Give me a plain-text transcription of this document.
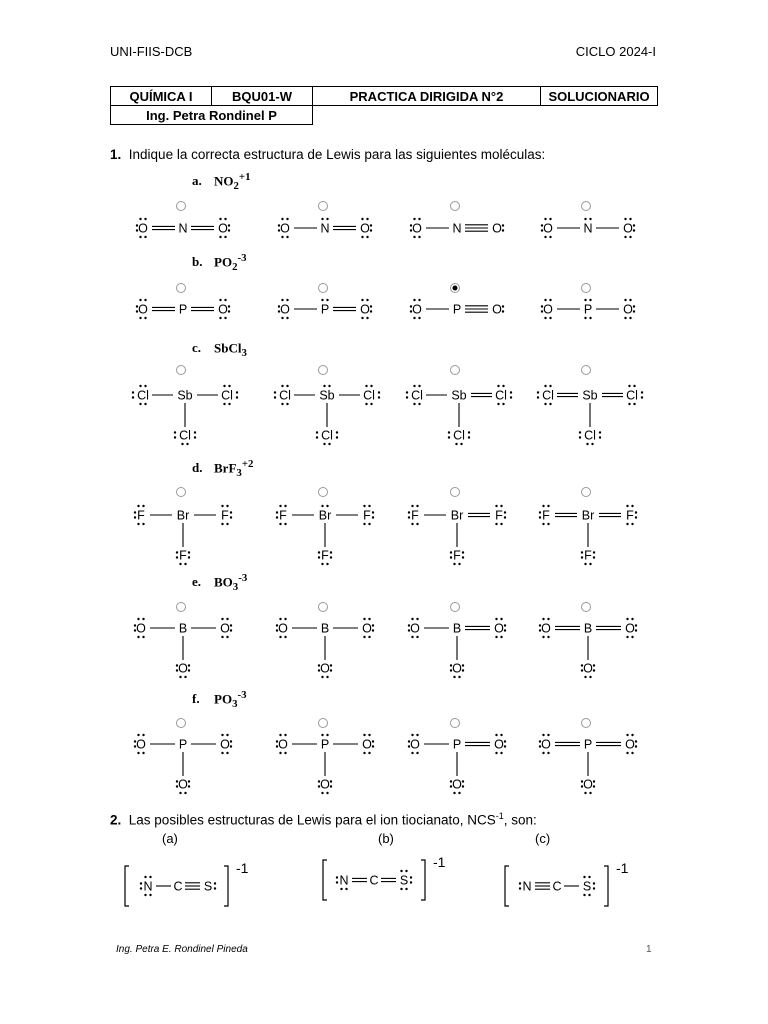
UNI-FIIS-DCB	CICLO 2024-I
QUÍMICA I	BQU01-W	PRACTICA DIRIGIDA N°2	SOLUCIONARIO
Ing. Petra Rondinel P			
1. Indique la correcta estructura de Lewis para las siguientes moléculas:
a. $NO_2^{+1}$
b. $PO_2^{-3}$
c. SbCl$_3$
d. BrF$_3^{+2}$
e. $BO_3^{-3}$
f. $PO_3^{-3}$
2. Las posibles estructuras de Lewis para el ion tiocianato, $NCS^{-1}$, son:
(a)	(b)	(c)
O N O	O N O	O N O	O N O
O P O	O P O	O P O	O P O
Cl Sb Cl
Cl
Cl Sb Cl
Cl
Cl Sb Cl
Cl
Cl Sb Cl
Cl
F	Br	F
F
F	Br	F
F
F	Br	F
F
F	Br	F
F
O	B	O
O
O	B	O
O
O	B	O
O
O	B	O
O
O	P	O
O
O	P	O
O
O	P	O
O
O	P	O
O
-1
N C S
-1
N C S
-1
N C S
Ing. Petra E. Rondinel Pineda	1
